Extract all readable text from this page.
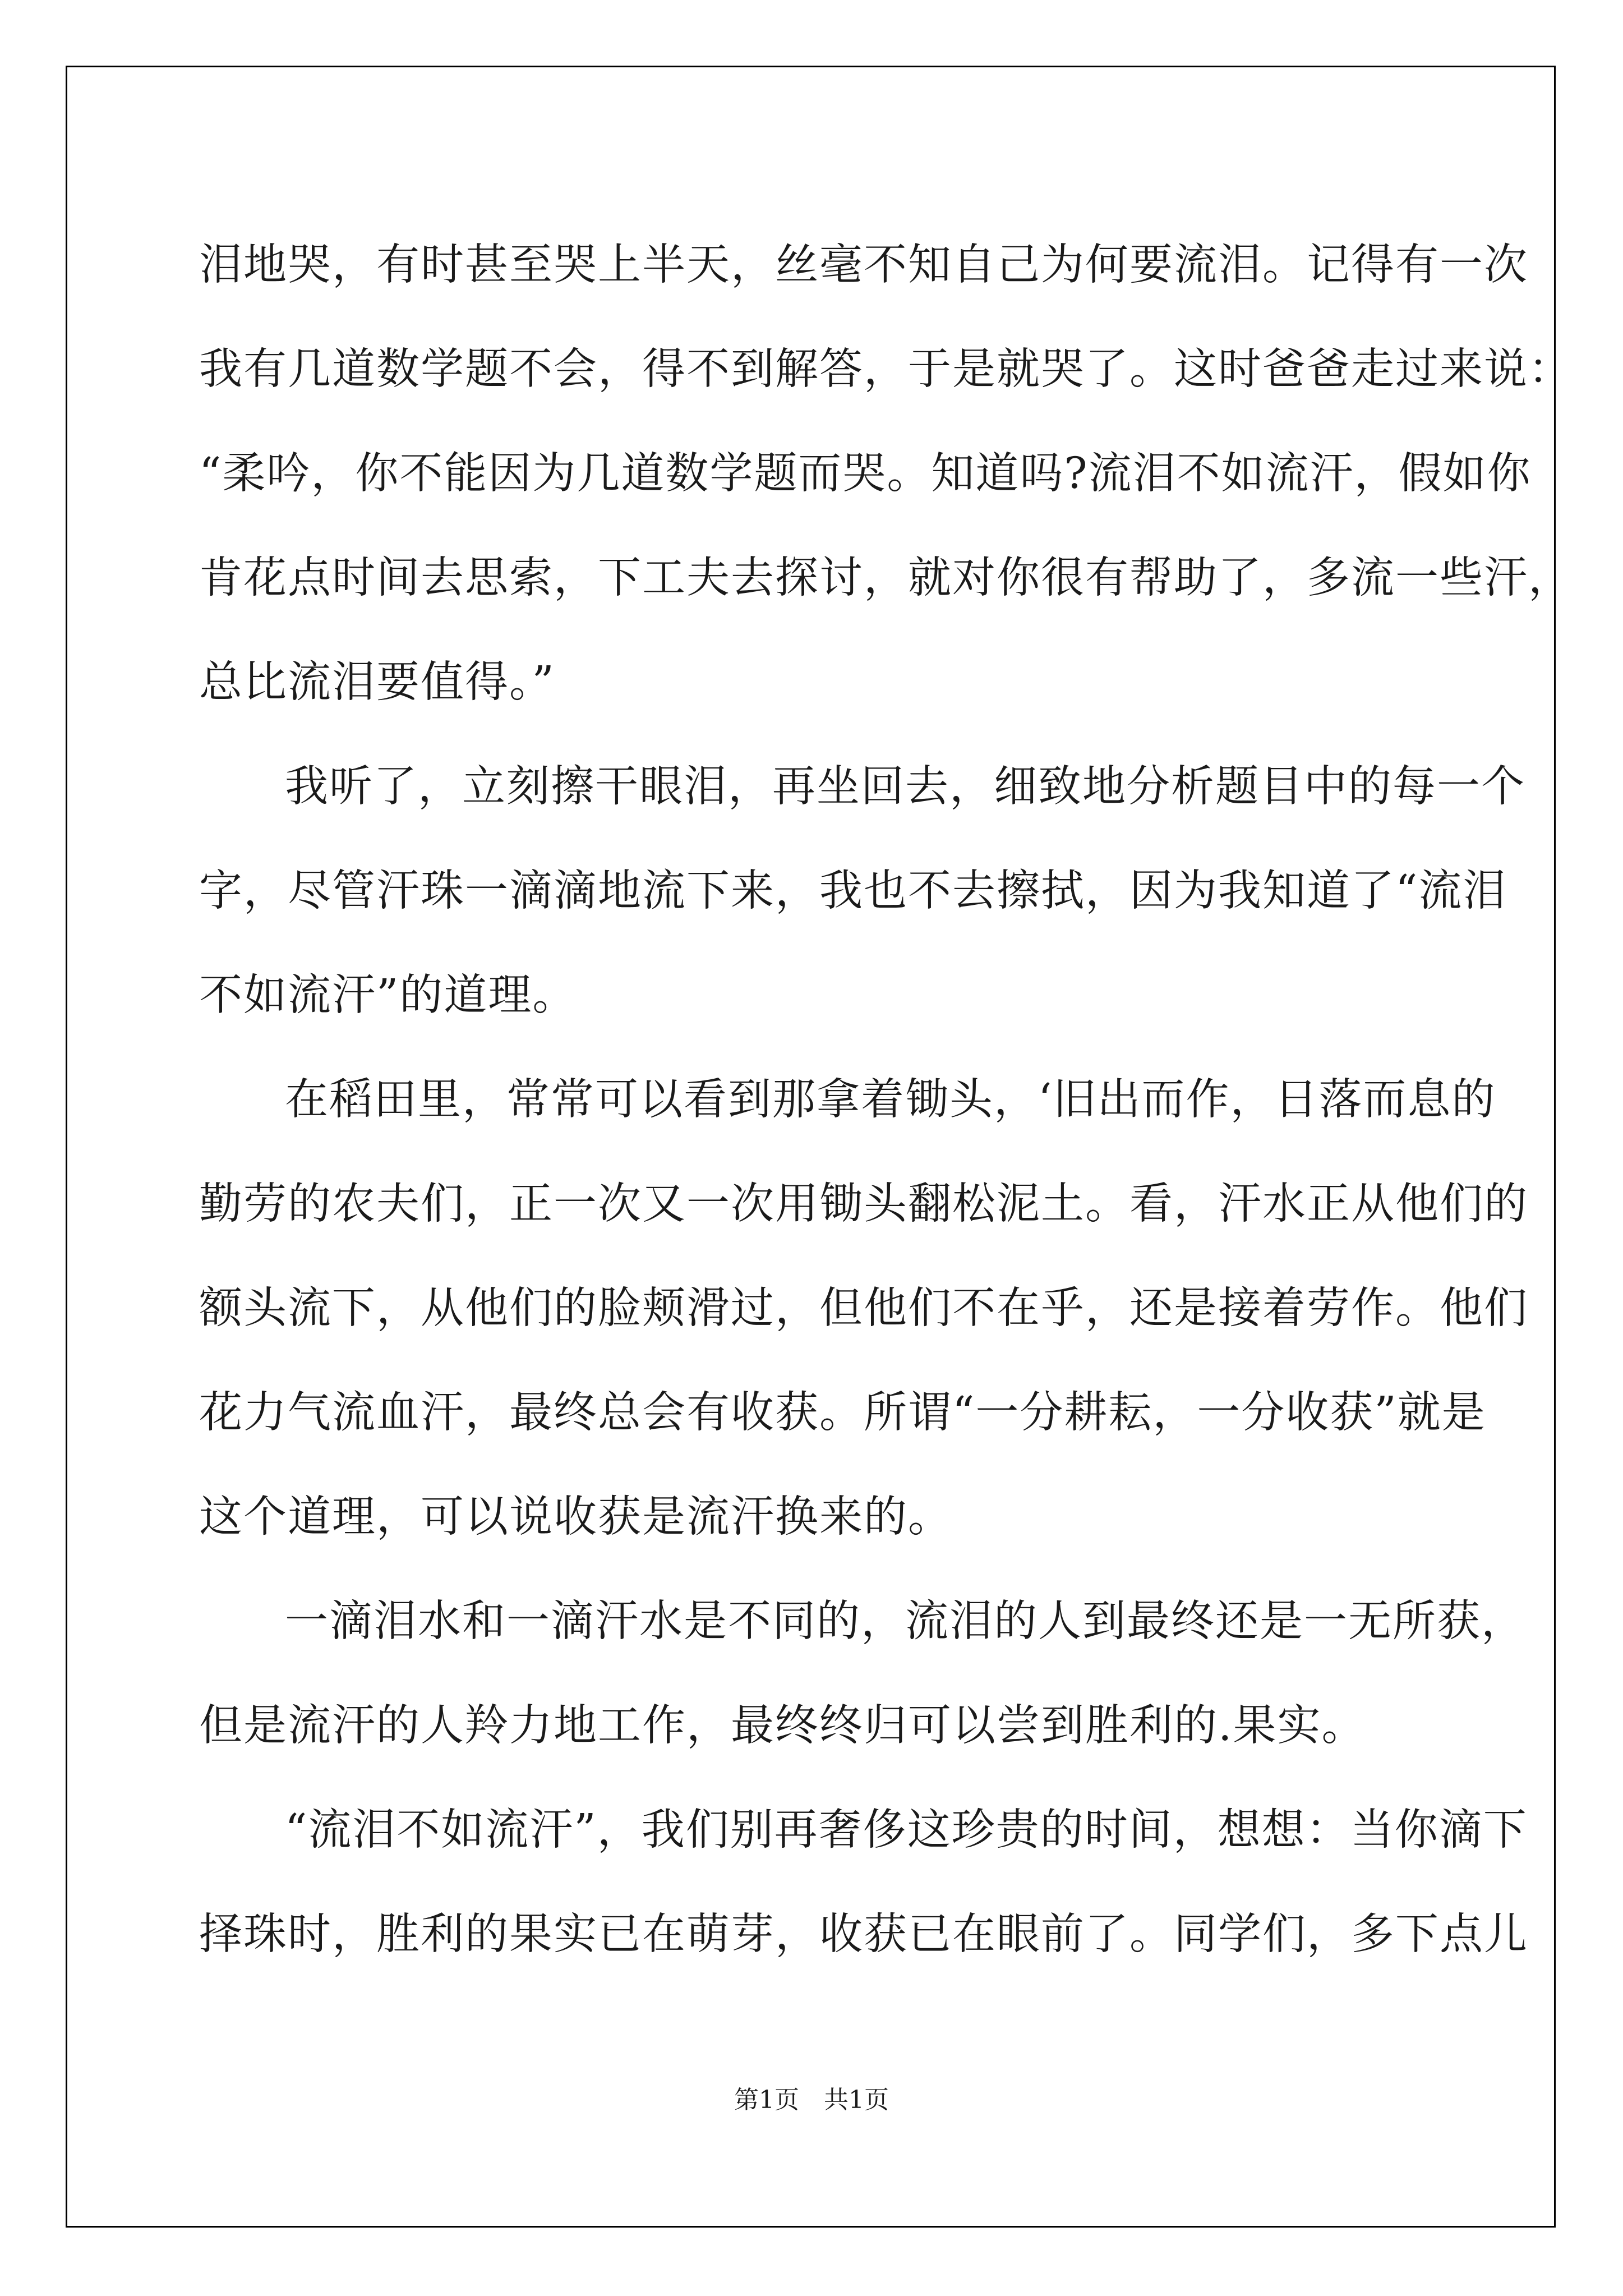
泪地哭，有时甚至哭上半天，丝毫不知自己为何要流泪。记得有一次
我有几道数学题不会，得不到解答，于是就哭了。这时爸爸走过来说：
“柔吟，你不能因为几道数学题而哭。知道吗?流泪不如流汗，假如你
肯花点时间去思索，下工夫去探讨，就对你很有帮助了，多流一些汗，
总比流泪要值得。”
我听了，立刻擦干眼泪，再坐回去，细致地分析题目中的每一个
字，尽管汗珠一滴滴地流下来，我也不去擦拭，因为我知道了“流泪
不如流汗”的道理。
在稻田里，常常可以看到那拿着锄头，‘旧出而作，日落而息的
勤劳的农夫们，正一次又一次用锄头翻松泥土。看，汗水正从他们的
额头流下，从他们的脸颊滑过，但他们不在乎，还是接着劳作。他们
花力气流血汗，最终总会有收获。所谓“一分耕耘，一分收获”就是
这个道理，可以说收获是流汗换来的。
一滴泪水和一滴汗水是不同的，流泪的人到最终还是一无所获，
但是流汗的人羚力地工作，最终终归可以尝到胜利的.果实。
“流泪不如流汗”，我们别再奢侈这珍贵的时间，想想：当你滴下
择珠时，胜利的果实已在萌芽，收获已在眼前了。同学们，多下点儿
第1页 共1页
